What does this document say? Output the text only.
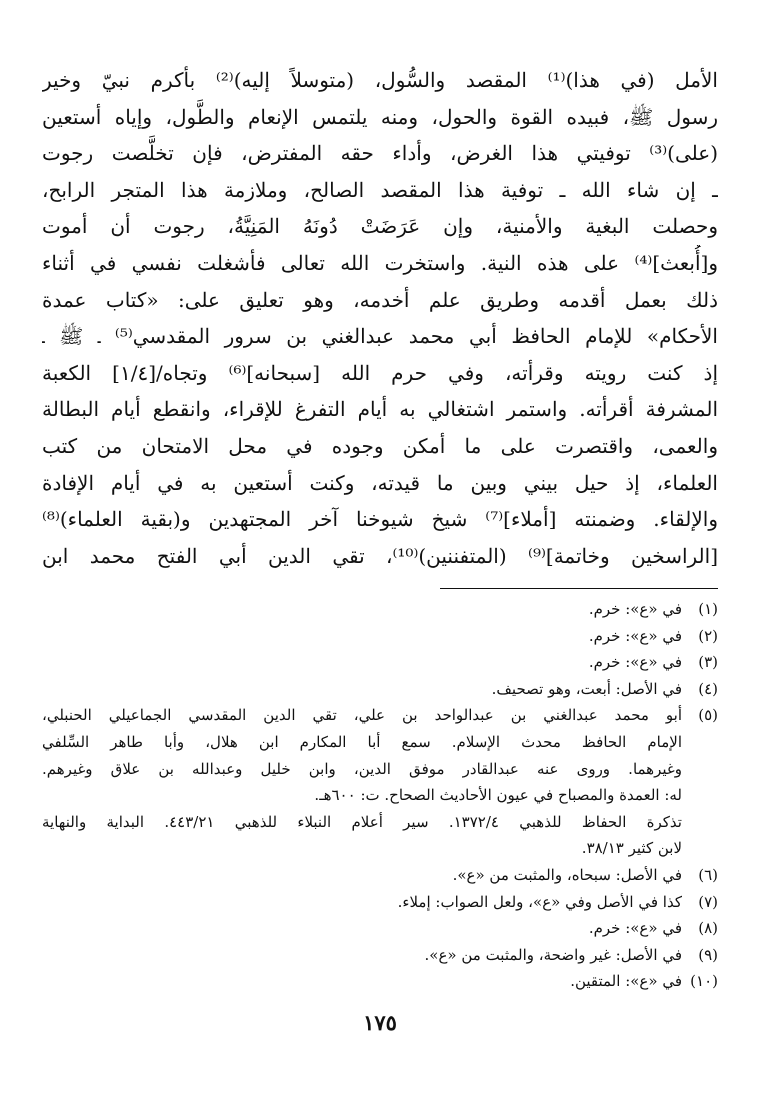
الأمل (في هذا)⁽¹⁾ المقصد والسُّول، (متوسلاً إليه)⁽²⁾ بأكرم نبيّ وخير
رسول ﷺ، فبيده القوة والحول، ومنه يلتمس الإنعام والطَّول، وإياه أستعين
(على)⁽³⁾ توفيتي هذا الغرض، وأداء حقه المفترض، فإن تخلَّصت رجوت
ـ إن شاء الله ـ توفية هذا المقصد الصالح، وملازمة هذا المتجر الرابح،
وحصلت البغية والأمنية، وإن عَرَضَتْ دُونَهُ المَنِيَّةُ، رجوت أن أموت
و[أُبعث]⁽⁴⁾ على هذه النية. واستخرت الله تعالى فأشغلت نفسي في أثناء
ذلك بعمل أقدمه وطريق علم أخدمه، وهو تعليق على: «كتاب عمدة
الأحكام» للإمام الحافظ أبي محمد عبدالغني بن سرور المقدسي⁽⁵⁾ ـ ﷺ ـ
إذ كنت رويته وقرأته، وفي حرم الله [سبحانه]⁽⁶⁾ وتجاه/[١/٤] الكعبة
المشرفة أقرأته. واستمر اشتغالي به أيام التفرغ للإقراء، وانقطع أيام البطالة
والعمى، واقتصرت على ما أمكن وجوده في محل الامتحان من كتب
العلماء، إذ حيل بيني وبين ما قيدته، وكنت أستعين به في أيام الإفادة
والإلقاء. وضمنته [أملاء]⁽⁷⁾ شيخ شيوخنا آخر المجتهدين و(بقية العلماء)⁽⁸⁾
[الراسخين وخاتمة]⁽⁹⁾ (المتفننين)⁽¹⁰⁾، تقي الدين أبي الفتح محمد ابن
(١)
في «ع»: خرم.
(٢)
في «ع»: خرم.
(٣)
في «ع»: خرم.
(٤)
في الأصل: أبعت، وهو تصحيف.
(٥)
أبو محمد عبدالغني بن عبدالواحد بن علي، تقي الدين المقدسي الجماعيلي الحنبلي،
الإمام الحافظ محدث الإسلام. سمع أبا المكارم ابن هلال، وأبا طاهر السِّلفي
وغيرهما. وروى عنه عبدالقادر موفق الدين، وابن خليل وعبدالله بن علاق وغيرهم.
له: العمدة والمصباح في عيون الأحاديث الصحاح. ت: ٦٠٠هـ.
تذكرة الحفاظ للذهبي ١٣٧٢/٤. سير أعلام النبلاء للذهبي ٤٤٣/٢١. البداية والنهاية
لابن كثير ٣٨/١٣.
(٦)
في الأصل: سبحاه، والمثبت من «ع».
(٧)
كذا في الأصل وفي «ع»، ولعل الصواب: إملاء.
(٨)
في «ع»: خرم.
(٩)
في الأصل: غير واضحة، والمثبت من «ع».
(١٠)
في «ع»: المتقين.
١٧٥
